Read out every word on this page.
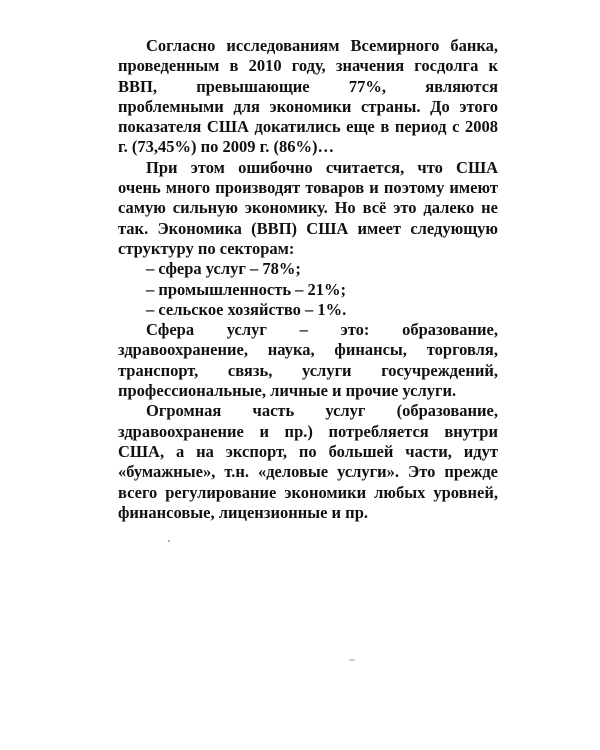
Согласно исследованиям Всемирного банка, проведенным в 2010 году, значения госдолга к ВВП, превышающие 77%, являются проблемными для экономики страны. До этого показателя США докатились еще в период с 2008 г. (73,45%) по 2009 г. (86%)…

При этом ошибочно считается, что США очень много производят товаров и поэтому имеют самую сильную экономику. Но всё это далеко не так. Экономика (ВВП) США имеет следующую структуру по секторам:

– сфера услуг – 78%;
– промышленность – 21%;
– сельское хозяйство – 1%.

Сфера услуг – это: образование, здравоохранение, наука, финансы, торговля, транспорт, связь, услуги госучреждений, профессиональные, личные и прочие услуги.

Огромная часть услуг (образование, здравоохранение и пр.) потребляется внутри США, а на экспорт, по большей части, идут «бумажные», т.н. «деловые услуги». Это прежде всего регулирование экономики любых уровней, финансовые, лицензионные и пр.
